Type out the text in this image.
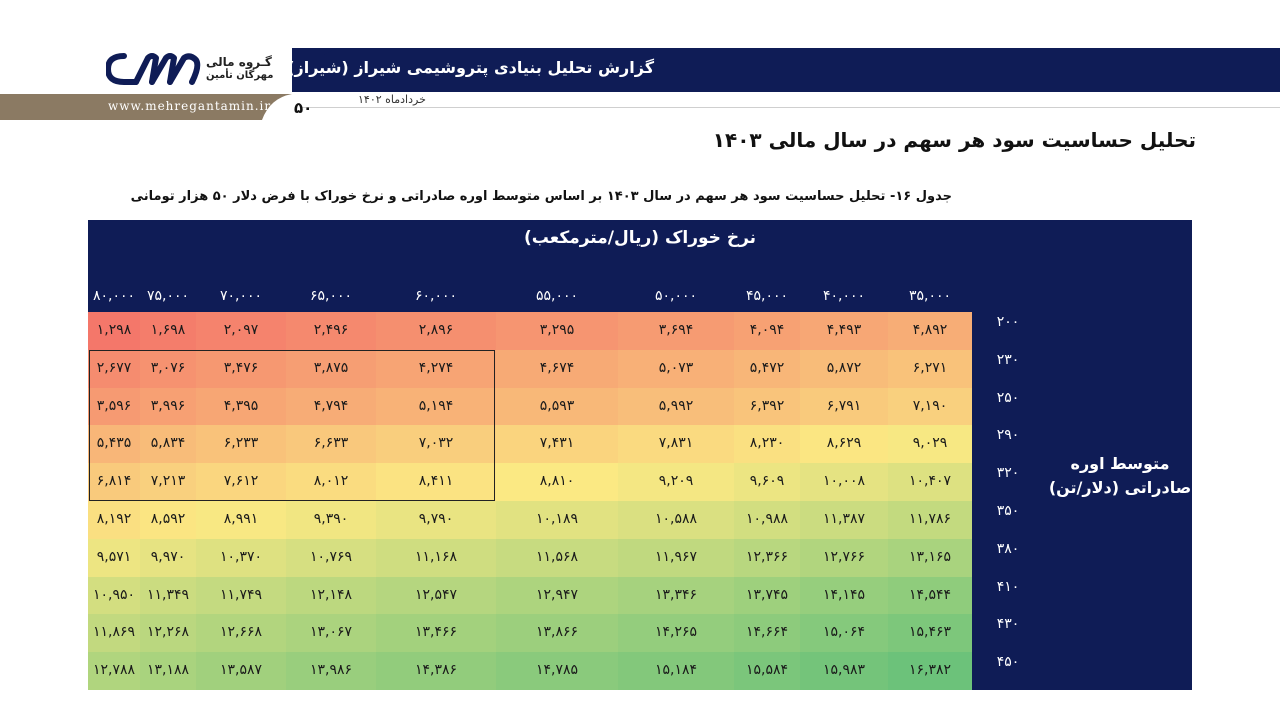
www.mehregantamin.ir
گـروه مالی
مهرگان تأمین گزارش تحلیل بنیادی پتروشیمی شیراز (شیراز)
خردادماه ۱۴۰۲
۵۰
تحلیل حساسیت سود هر سهم در سال مالی ۱۴۰۳
جدول ۱۶- تحلیل حساسیت سود هر سهم در سال ۱۴۰۳ بر اساس متوسط اوره صادراتی و نرخ خوراک با فرض دلار ۵۰ هزار تومانی
نرخ خوراک (ریال/مترمکعب)
متوسط اوره
صادراتی (دلار/تن)
۳۵,۰۰۰
۴۰,۰۰۰
۴۵,۰۰۰
۵۰,۰۰۰
۵۵,۰۰۰
۶۰,۰۰۰
۶۵,۰۰۰
۷۰,۰۰۰
۷۵,۰۰۰
۸۰,۰۰۰
۲۰۰
۲۳۰
۲۵۰
۲۹۰
۳۲۰
۳۵۰
۳۸۰
۴۱۰
۴۳۰
۴۵۰
۴,۸۹۲
۴,۴۹۳
۴,۰۹۴
۳,۶۹۴
۳,۲۹۵
۲,۸۹۶
۲,۴۹۶
۲,۰۹۷
۱,۶۹۸
۱,۲۹۸
۶,۲۷۱
۵,۸۷۲
۵,۴۷۲
۵,۰۷۳
۴,۶۷۴
۴,۲۷۴
۳,۸۷۵
۳,۴۷۶
۳,۰۷۶
۲,۶۷۷
۷,۱۹۰
۶,۷۹۱
۶,۳۹۲
۵,۹۹۲
۵,۵۹۳
۵,۱۹۴
۴,۷۹۴
۴,۳۹۵
۳,۹۹۶
۳,۵۹۶
۹,۰۲۹
۸,۶۲۹
۸,۲۳۰
۷,۸۳۱
۷,۴۳۱
۷,۰۳۲
۶,۶۳۳
۶,۲۳۳
۵,۸۳۴
۵,۴۳۵
۱۰,۴۰۷
۱۰,۰۰۸
۹,۶۰۹
۹,۲۰۹
۸,۸۱۰
۸,۴۱۱
۸,۰۱۲
۷,۶۱۲
۷,۲۱۳
۶,۸۱۴
۱۱,۷۸۶
۱۱,۳۸۷
۱۰,۹۸۸
۱۰,۵۸۸
۱۰,۱۸۹
۹,۷۹۰
۹,۳۹۰
۸,۹۹۱
۸,۵۹۲
۸,۱۹۲
۱۳,۱۶۵
۱۲,۷۶۶
۱۲,۳۶۶
۱۱,۹۶۷
۱۱,۵۶۸
۱۱,۱۶۸
۱۰,۷۶۹
۱۰,۳۷۰
۹,۹۷۰
۹,۵۷۱
۱۴,۵۴۴
۱۴,۱۴۵
۱۳,۷۴۵
۱۳,۳۴۶
۱۲,۹۴۷
۱۲,۵۴۷
۱۲,۱۴۸
۱۱,۷۴۹
۱۱,۳۴۹
۱۰,۹۵۰
۱۵,۴۶۳
۱۵,۰۶۴
۱۴,۶۶۴
۱۴,۲۶۵
۱۳,۸۶۶
۱۳,۴۶۶
۱۳,۰۶۷
۱۲,۶۶۸
۱۲,۲۶۸
۱۱,۸۶۹
۱۶,۳۸۲
۱۵,۹۸۳
۱۵,۵۸۴
۱۵,۱۸۴
۱۴,۷۸۵
۱۴,۳۸۶
۱۳,۹۸۶
۱۳,۵۸۷
۱۳,۱۸۸
۱۲,۷۸۸
